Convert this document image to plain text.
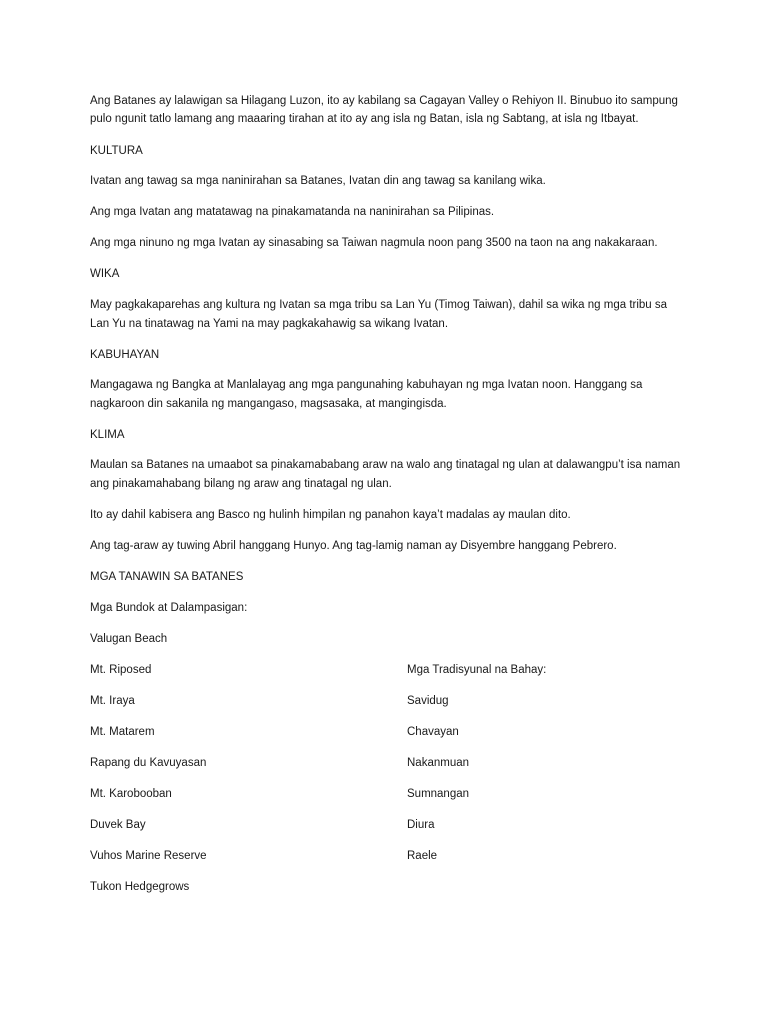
Ang Batanes ay lalawigan sa Hilagang Luzon, ito ay kabilang sa Cagayan Valley o Rehiyon II. Binubuo ito sampung
pulo ngunit tatlo lamang ang maaaring tirahan at ito ay ang isla ng Batan, isla ng Sabtang, at isla ng Itbayat.
KULTURA
Ivatan ang tawag sa mga naninirahan sa Batanes, Ivatan din ang tawag sa kanilang wika.
Ang mga Ivatan ang matatawag na pinakamatanda na naninirahan sa Pilipinas.
Ang mga ninuno ng mga Ivatan ay sinasabing sa Taiwan nagmula noon pang 3500 na taon na ang nakakaraan.
WIKA
May pagkakaparehas ang kultura ng Ivatan sa mga tribu sa Lan Yu (Timog Taiwan), dahil sa wika ng mga tribu sa
Lan Yu na tinatawag na Yami na may pagkakahawig sa wikang Ivatan.
KABUHAYAN
Mangagawa ng Bangka at Manlalayag ang mga pangunahing kabuhayan ng mga Ivatan noon. Hanggang sa
nagkaroon din sakanila ng mangangaso, magsasaka, at mangingisda.
KLIMA
Maulan sa Batanes na umaabot sa pinakamababang araw na walo ang tinatagal ng ulan at dalawangpu’t isa naman
ang pinakamahabang bilang ng araw ang tinatagal ng ulan.
Ito ay dahil kabisera ang Basco ng hulinh himpilan ng panahon kaya’t madalas ay maulan dito.
Ang tag-araw ay tuwing Abril hanggang Hunyo. Ang tag-lamig naman ay Disyembre hanggang Pebrero.
MGA TANAWIN SA BATANES
Mga Bundok at Dalampasigan:
Valugan Beach
Mt. Riposed
Mt. Iraya
Mt. Matarem
Rapang du Kavuyasan
Mt. Karobooban
Duvek Bay
Vuhos Marine Reserve
Tukon Hedgegrows
Mga Tradisyunal na Bahay:
Savidug
Chavayan
Nakanmuan
Sumnangan
Diura
Raele
